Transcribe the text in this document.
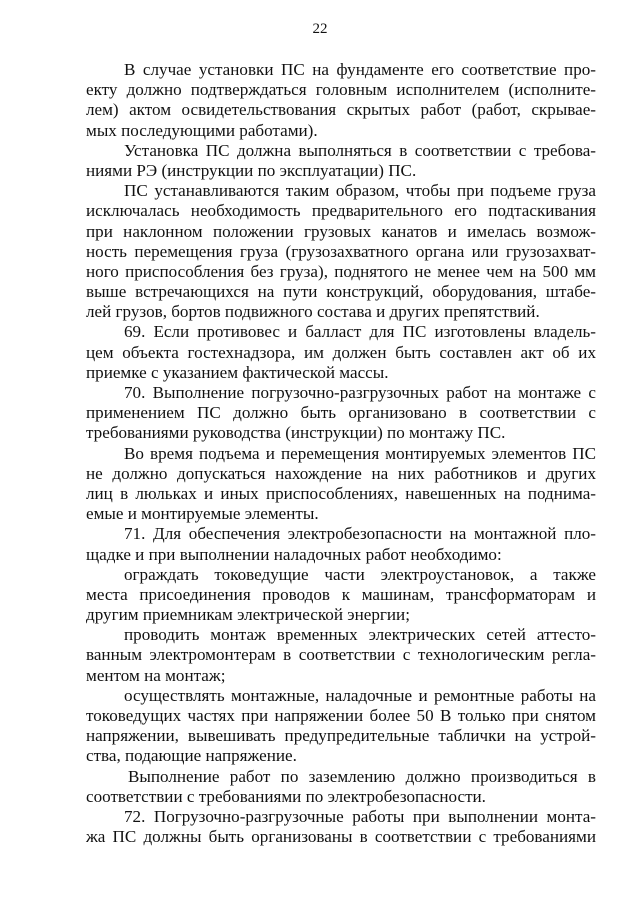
22
В случае установки ПС на фундаменте его соответствие про-
екту должно подтверждаться головным исполнителем (исполните-
лем) актом освидетельствования скрытых работ (работ, скрывае-
мых последующими работами).
Установка ПС должна выполняться в соответствии с требова-
ниями РЭ (инструкции по эксплуатации) ПС.
ПС устанавливаются таким образом, чтобы при подъеме груза
исключалась необходимость предварительного его подтаскивания
при наклонном положении грузовых канатов и имелась возмож-
ность перемещения груза (грузозахватного органа или грузозахват-
ного приспособления без груза), поднятого не менее чем на 500 мм
выше встречающихся на пути конструкций, оборудования, штабе-
лей грузов, бортов подвижного состава и других препятствий.
69. Если противовес и балласт для ПС изготовлены владель-
цем объекта гостехнадзора, им должен быть составлен акт об их
приемке с указанием фактической массы.
70. Выполнение погрузочно-разгрузочных работ на монтаже с
применением ПС должно быть организовано в соответствии с
требованиями руководства (инструкции) по монтажу ПС.
Во время подъема и перемещения монтируемых элементов ПС
не должно допускаться нахождение на них работников и других
лиц в люльках и иных приспособлениях, навешенных на поднима-
емые и монтируемые элементы.
71. Для обеспечения электробезопасности на монтажной пло-
щадке и при выполнении наладочных работ необходимо:
ограждать токоведущие части электроустановок, а также
места присоединения проводов к машинам, трансформаторам и
другим приемникам электрической энергии;
проводить монтаж временных электрических сетей аттесто-
ванным электромонтерам в соответствии с технологическим регла-
ментом на монтаж;
осуществлять монтажные, наладочные и ремонтные работы на
токоведущих частях при напряжении более 50 В только при снятом
напряжении, вывешивать предупредительные таблички на устрой-
ства, подающие напряжение.
Выполнение работ по заземлению должно производиться в
соответствии с требованиями по электробезопасности.
72. Погрузочно-разгрузочные работы при выполнении монта-
жа ПС должны быть организованы в соответствии с требованиями
